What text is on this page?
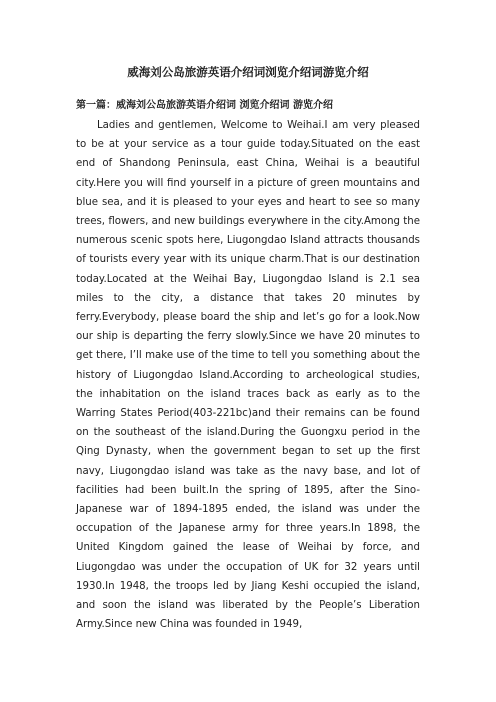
威海刘公岛旅游英语介绍词浏览介绍词游览介绍
第一篇：威海刘公岛旅游英语介绍词 浏览介绍词 游览介绍

Ladies and gentlemen, Welcome to Weihai.I am very pleased to be at your service as a tour guide today.Situated on the east end of Shandong Peninsula, east China, Weihai is a beautiful city.Here you will find yourself in a picture of green mountains and blue sea, and it is pleased to your eyes and heart to see so many trees, flowers, and new buildings everywhere in the city.Among the numerous scenic spots here, Liugongdao Island attracts thousands of tourists every year with its unique charm.That is our destination today.Located at the Weihai Bay, Liugongdao Island is 2.1 sea miles to the city, a distance that takes 20 minutes by ferry.Everybody, please board the ship and let’s go for a look.Now our ship is departing the ferry slowly.Since we have 20 minutes to get there, I’ll make use of the time to tell you something about the history of Liugongdao Island.According to archeological studies, the inhabitation on the island traces back as early as to the Warring States Period(403-221bc)and their remains can be found on the southeast of the island.During the Guongxu period in the Qing Dynasty, when the government began to set up the first navy, Liugongdao island was take as the navy base, and lot of facilities had been built.In the spring of 1895, after the Sino-Japanese war of 1894-1895 ended, the island was under the occupation of the Japanese army for three years.In 1898, the United Kingdom gained the lease of Weihai by force, and Liugongdao was under the occupation of UK for 32 years until 1930.In 1948, the troops led by Jiang Keshi occupied the island, and soon the island was liberated by the People’s Liberation Army.Since new China was founded in 1949,
